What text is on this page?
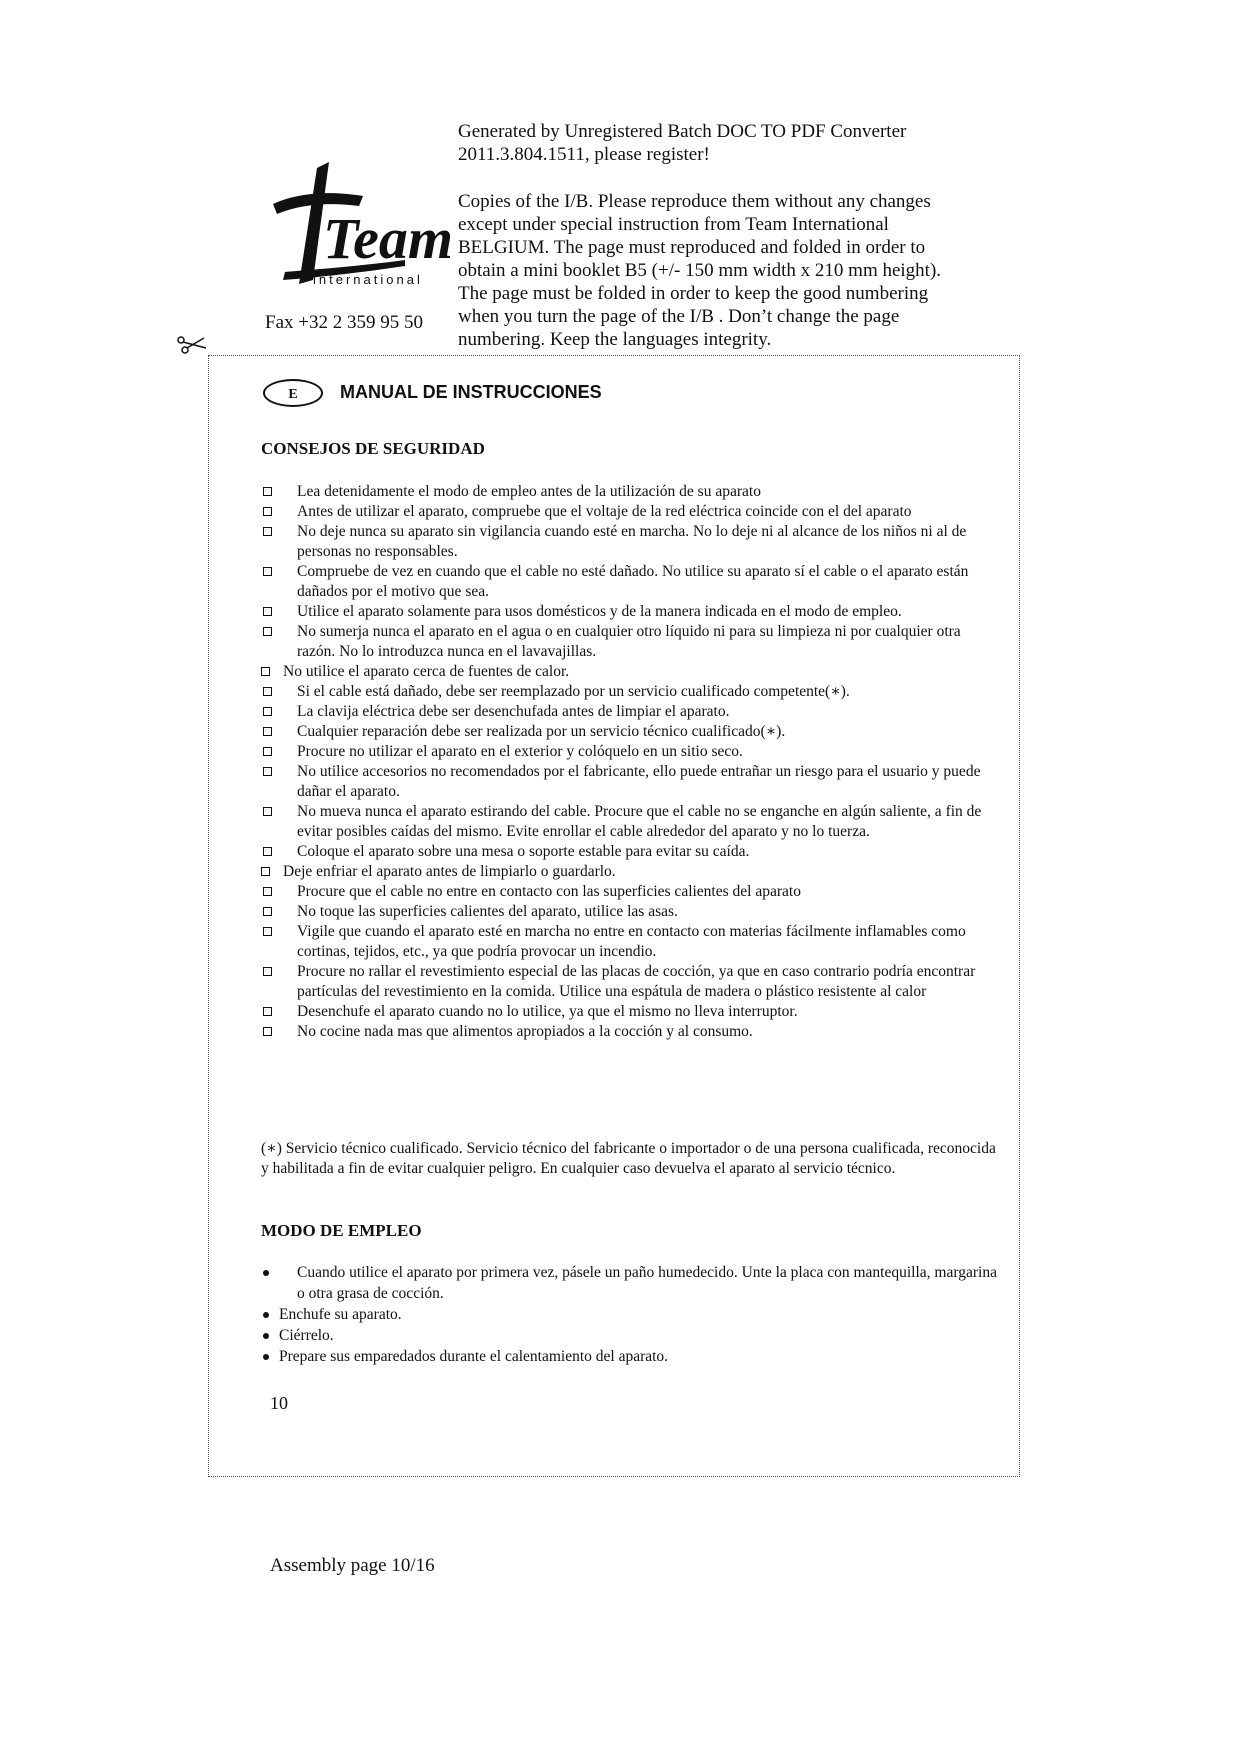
Generated by Unregistered Batch DOC TO PDF Converter
2011.3.804.1511, please register!
Copies of the I/B. Please reproduce them without any changes
except under special instruction from Team International
BELGIUM. The page must reproduced and folded in order to
obtain a mini booklet B5 (+/- 150 mm width x 210 mm height).
The page must be folded in order to keep the good numbering
when you turn the page of the I/B . Don’t change the page
numbering. Keep the languages integrity.
Team
international
Fax +32 2 359 95 50
E	MANUAL DE INSTRUCCIONES
CONSEJOS DE SEGURIDAD
Lea detenidamente el modo de empleo antes de la utilización de su aparato
Antes de utilizar el aparato, compruebe que el voltaje de la red eléctrica coincide con el del aparato
No deje nunca su aparato sin vigilancia cuando esté en marcha. No lo deje ni al alcance de los niños ni al de personas no responsables.
Compruebe de vez en cuando que el cable no esté dañado. No utilice su aparato sí el cable o el aparato están dañados por el motivo que sea.
Utilice el aparato solamente para usos domésticos y de la manera indicada en el modo de empleo.
No sumerja nunca el aparato en el agua o en cualquier otro líquido ni para su limpieza ni por cualquier otra razón. No lo introduzca nunca en el lavavajillas.
No utilice el aparato cerca de fuentes de calor.
Si el cable está dañado, debe ser reemplazado por un servicio cualificado competente(∗).
La clavija eléctrica debe ser desenchufada antes de limpiar el aparato.
Cualquier reparación debe ser realizada por un servicio técnico cualificado(∗).
Procure no utilizar el aparato en el exterior y colóquelo en un sitio seco.
No utilice accesorios no recomendados por el fabricante, ello puede entrañar un riesgo para el usuario y puede dañar el aparato.
No mueva nunca el aparato estirando del cable. Procure que el cable no se enganche en algún saliente, a fin de evitar posibles caídas del mismo. Evite enrollar el cable alrededor del aparato y no lo tuerza.
Coloque el aparato sobre una mesa o soporte estable para evitar su caída.
Deje enfriar el aparato antes de limpiarlo o guardarlo.
Procure que el cable no entre en contacto con las superficies calientes del aparato
No toque las superficies calientes del aparato, utilice las asas.
Vigile que cuando el aparato esté en marcha no entre en contacto con materias fácilmente inflamables como cortinas, tejidos, etc., ya que podría provocar un incendio.
Procure no rallar el revestimiento especial de las placas de cocción, ya que en caso contrario podría encontrar partículas del revestimiento en la comida. Utilice una espátula de madera o plástico resistente al calor
Desenchufe el aparato cuando no lo utilice, ya que el mismo no lleva interruptor.
No cocine nada mas que alimentos apropiados a la cocción y al consumo.
(∗) Servicio técnico cualificado. Servicio técnico del fabricante o importador o de una persona cualificada, reconocida y habilitada a fin de evitar cualquier peligro. En cualquier caso devuelva el aparato al servicio técnico.
MODO DE EMPLEO
Cuando utilice el aparato por primera vez, pásele un paño humedecido. Unte la placa con mantequilla, margarina o otra grasa de cocción.
Enchufe su aparato.
Ciérrelo.
Prepare sus emparedados durante el calentamiento del aparato.
10
Assembly page 10/16
